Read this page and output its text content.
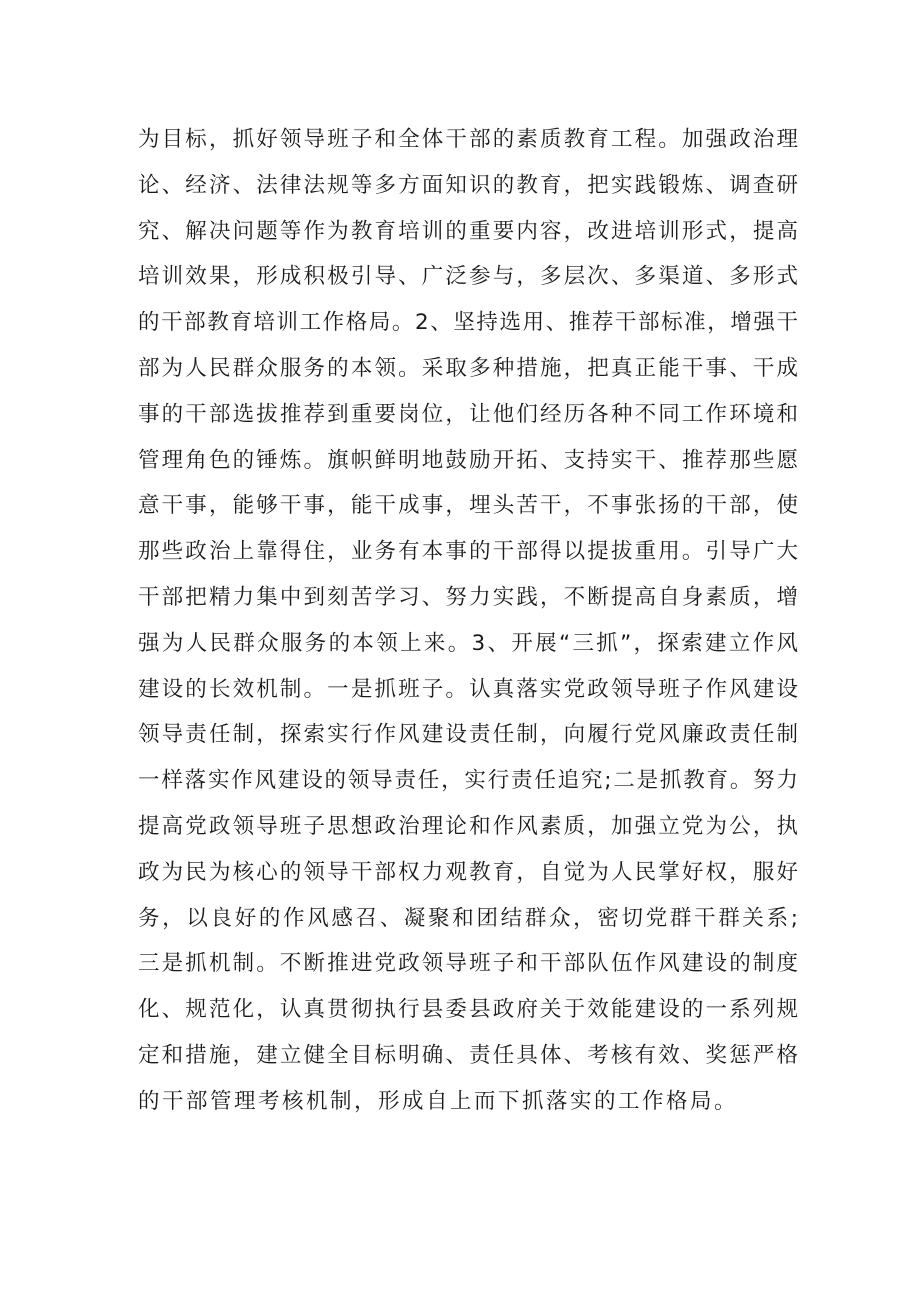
为目标，抓好领导班子和全体干部的素质教育工程。加强政治理
论、经济、法律法规等多方面知识的教育，把实践锻炼、调查研
究、解决问题等作为教育培训的重要内容，改进培训形式，提高
培训效果，形成积极引导、广泛参与，多层次、多渠道、多形式
的干部教育培训工作格局。2、坚持选用、推荐干部标准，增强干
部为人民群众服务的本领。采取多种措施，把真正能干事、干成
事的干部选拔推荐到重要岗位，让他们经历各种不同工作环境和
管理角色的锤炼。旗帜鲜明地鼓励开拓、支持实干、推荐那些愿
意干事，能够干事，能干成事，埋头苦干，不事张扬的干部，使
那些政治上靠得住，业务有本事的干部得以提拔重用。引导广大
干部把精力集中到刻苦学习、努力实践，不断提高自身素质，增
强为人民群众服务的本领上来。3、开展“三抓”，探索建立作风
建设的长效机制。一是抓班子。认真落实党政领导班子作风建设
领导责任制，探索实行作风建设责任制，向履行党风廉政责任制
一样落实作风建设的领导责任，实行责任追究;二是抓教育。努力
提高党政领导班子思想政治理论和作风素质，加强立党为公，执
政为民为核心的领导干部权力观教育，自觉为人民掌好权，服好
务，以良好的作风感召、凝聚和团结群众，密切党群干群关系;
三是抓机制。不断推进党政领导班子和干部队伍作风建设的制度
化、规范化，认真贯彻执行县委县政府关于效能建设的一系列规
定和措施，建立健全目标明确、责任具体、考核有效、奖惩严格
的干部管理考核机制，形成自上而下抓落实的工作格局。
